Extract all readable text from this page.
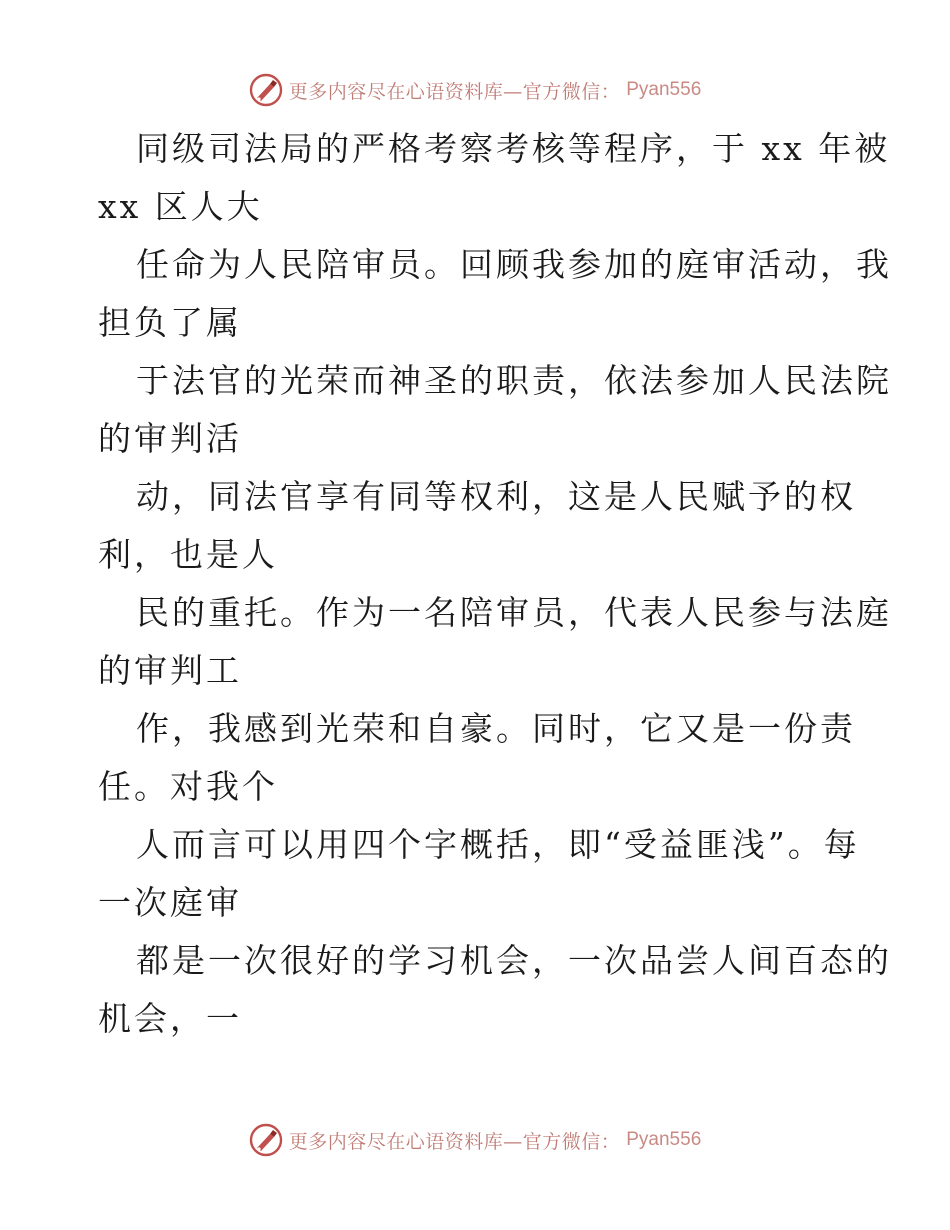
更多内容尽在心语资料库—官方微信： Pyan556

同级司法局的严格考察考核等程序，于 xx 年被
xx 区人大

任命为人民陪审员。回顾我参加的庭审活动，我
担负了属

于法官的光荣而神圣的职责，依法参加人民法院
的审判活

动，同法官享有同等权利，这是人民赋予的权
利，也是人

民的重托。作为一名陪审员，代表人民参与法庭
的审判工

作，我感到光荣和自豪。同时，它又是一份责
任。对我个

人而言可以用四个字概括，即“受益匪浅”。每
一次庭审

都是一次很好的学习机会，一次品尝人间百态的
机会，一

更多内容尽在心语资料库—官方微信： Pyan556
